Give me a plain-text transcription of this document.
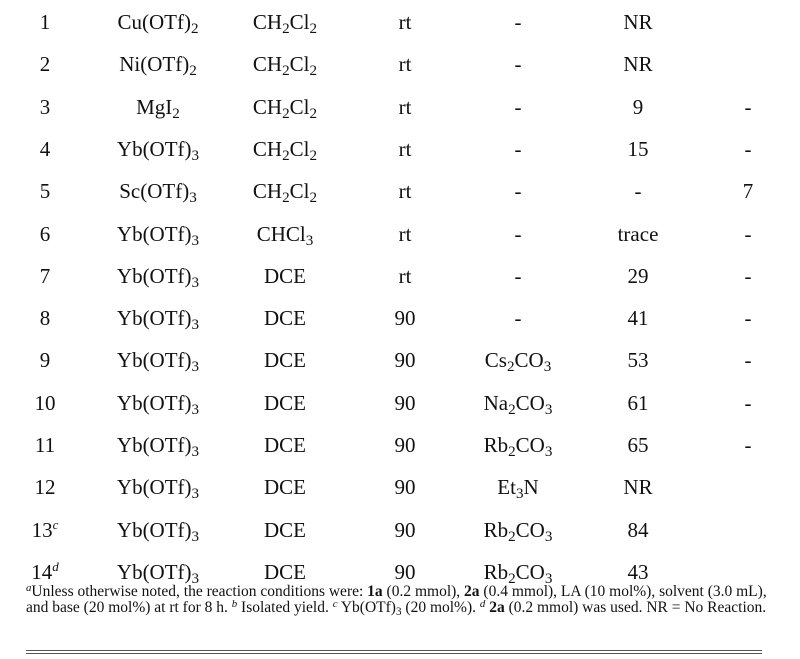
1	$Cu(OTf)_2$	$CH_2Cl_2$	rt	-	NR
2	$Ni(OTf)_2$	$CH_2Cl_2$	rt	-	NR
3	MgI$_2$	$CH_2Cl_2$	rt	-	9	-
4	$Yb(OTf)_3$	$CH_2Cl_2$	rt	-	15	-
5	$Sc(OTf)_3$	$CH_2Cl_2$	rt	-	-	7
6	$Yb(OTf)_3$	CHCl$_3$	rt	-	trace	-
7	$Yb(OTf)_3$	DCE	rt	-	29	-
8	$Yb(OTf)_3$	DCE	90	-	41	-
9	$Yb(OTf)_3$	DCE	90	$Cs_2CO_3$	53	-
10	$Yb(OTf)_3$	DCE	90	$Na_2CO_3$	61	-
11	$Yb(OTf)_3$	DCE	90	$Rb_2CO_3$	65	-
12	$Yb(OTf)_3$	DCE	90	$Et_3N$	NR
13$^c$	$Yb(OTf)_3$	DCE	90	$Rb_2CO_3$	84
14$^d$	$Yb(OTf)_3$	DCE	90	$Rb_2CO_3$	43

$^a$Unless otherwise noted, the reaction conditions were: 1a (0.2 mmol), 2a (0.4 mmol), LA (10 mol%), solvent (3.0 mL), and base (20 mol%) at rt for 8 h. $^b$ Isolated yield. $^c$ $Yb(OTf)_3$ (20 mol%). $^d$ 2a (0.2 mmol) was used. NR = No Reaction.
